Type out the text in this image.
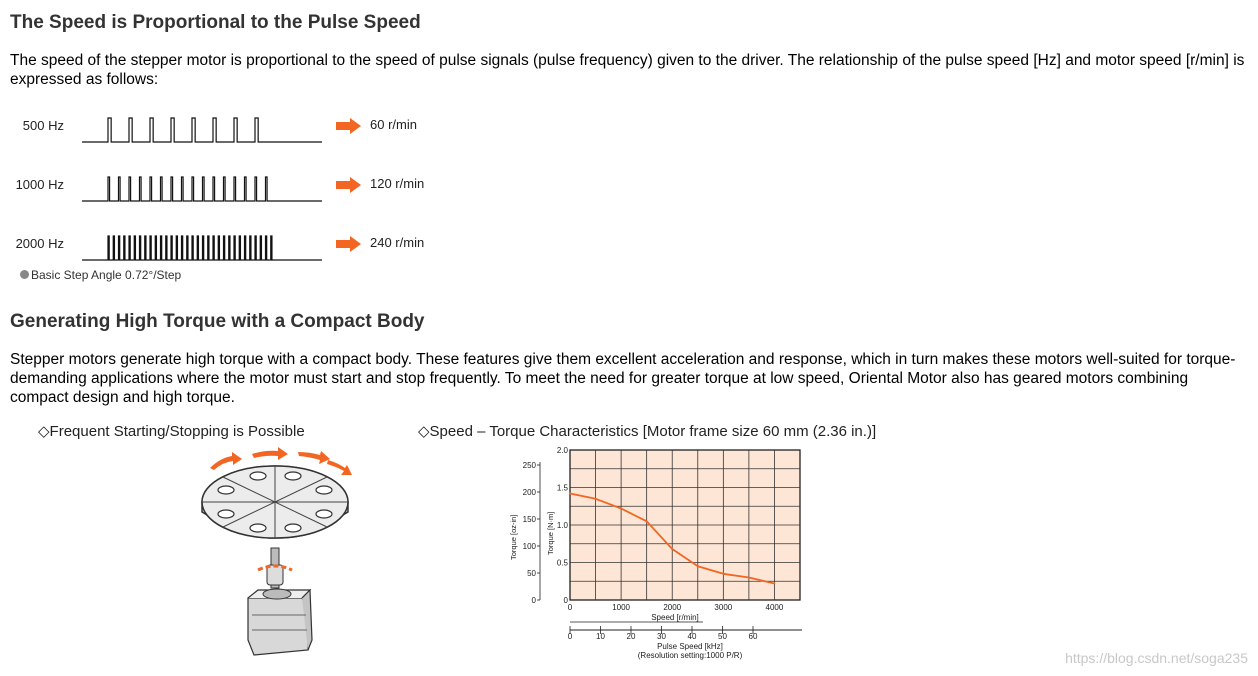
The Speed is Proportional to the Pulse Speed

The speed of the stepper motor is proportional to the speed of pulse signals (pulse frequency) given to the driver. The relationship of the pulse speed [Hz] and motor speed [r/min] is expressed as follows:

500 Hz	60 r/min
1000 Hz	120 r/min
2000 Hz	240 r/min
Basic Step Angle 0.72°/Step
Generating High Torque with a Compact Body

Stepper motors generate high torque with a compact body. These features give them excellent acceleration and response, which in turn makes these motors well-suited for torque-demanding applications where the motor must start and stop frequently. To meet the need for greater torque at low speed, Oriental Motor also has geared motors combining compact design and high torque.

◇Frequent Starting/Stopping is Possible	◇Speed – Torque Characteristics [Motor frame size 60 mm (2.36 in.)]
0
0.5
1.0
1.5
2.0
0
50
100
150
200
250
Torque [oz-in]	Torque [N·m]
0	1000	2000	3000	4000
Speed [r/min]
0	10	20	30	40	50	60
Pulse Speed [kHz]
(Resolution setting:1000 P/R)	https://blog.csdn.net/soga235
